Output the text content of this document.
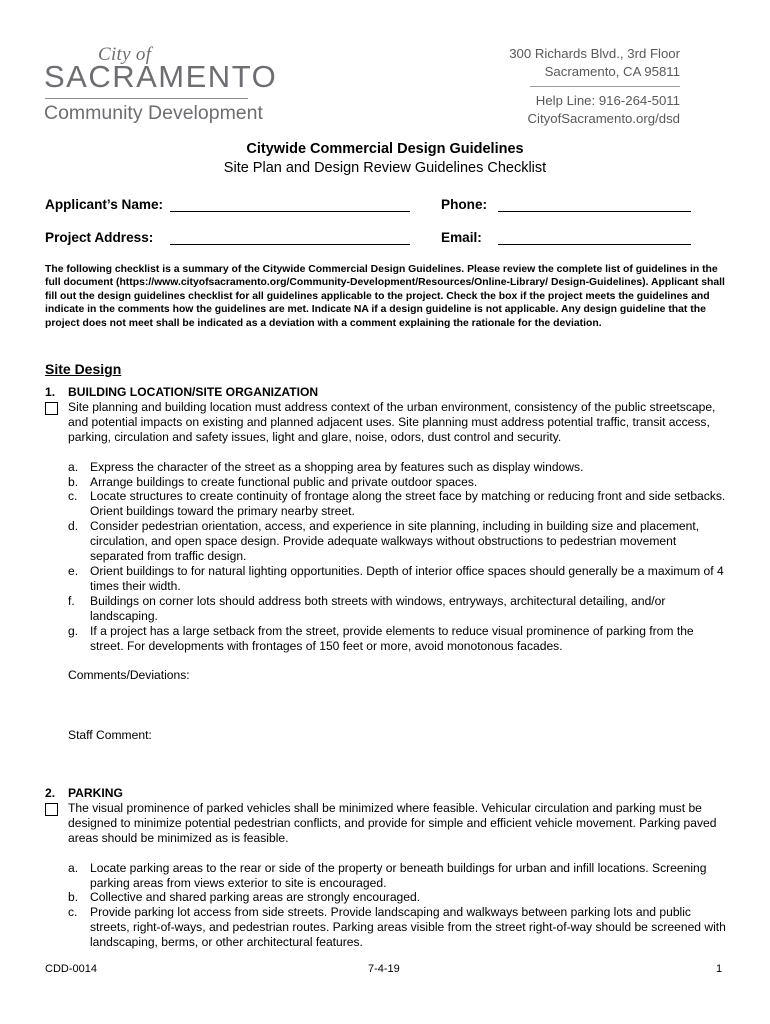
City of
SACRAMENTO
Community Development
300 Richards Blvd., 3rd Floor
Sacramento, CA 95811
Help Line: 916-264-5011
CityofSacramento.org/dsd
Citywide Commercial Design Guidelines
Site Plan and Design Review Guidelines Checklist
Applicant’s Name:	Phone:
Project Address:	Email:
The following checklist is a summary of the Citywide Commercial Design Guidelines. Please review the complete list of guidelines in the full document (https://www.cityofsacramento.org/Community-Development/Resources/Online-Library/ Design-Guidelines). Applicant shall fill out the design guidelines checklist for all guidelines applicable to the project. Check the box if the project meets the guidelines and indicate in the comments how the guidelines are met. Indicate NA if a design guideline is not applicable. Any design guideline that the project does not meet shall be indicated as a deviation with a comment explaining the rationale for the deviation.
Site Design
1. BUILDING LOCATION/SITE ORGANIZATION
Site planning and building location must address context of the urban environment, consistency of the public streetscape, and potential impacts on existing and planned adjacent uses. Site planning must address potential traffic, transit access, parking, circulation and safety issues, light and glare, noise, odors, dust control and security.
a. Express the character of the street as a shopping area by features such as display windows.
b. Arrange buildings to create functional public and private outdoor spaces.
c. Locate structures to create continuity of frontage along the street face by matching or reducing front and side setbacks. Orient buildings toward the primary nearby street.
d. Consider pedestrian orientation, access, and experience in site planning, including in building size and placement, circulation, and open space design. Provide adequate walkways without obstructions to pedestrian movement separated from traffic design.
e. Orient buildings to for natural lighting opportunities. Depth of interior office spaces should generally be a maximum of 4 times their width.
f. Buildings on corner lots should address both streets with windows, entryways, architectural detailing, and/or landscaping.
g. If a project has a large setback from the street, provide elements to reduce visual prominence of parking from the street. For developments with frontages of 150 feet or more, avoid monotonous facades.
Comments/Deviations:
Staff Comment:
2. PARKING
The visual prominence of parked vehicles shall be minimized where feasible. Vehicular circulation and parking must be designed to minimize potential pedestrian conflicts, and provide for simple and efficient vehicle movement. Parking paved areas should be minimized as is feasible.
a. Locate parking areas to the rear or side of the property or beneath buildings for urban and infill locations. Screening parking areas from views exterior to site is encouraged.
b. Collective and shared parking areas are strongly encouraged.
c. Provide parking lot access from side streets. Provide landscaping and walkways between parking lots and public streets, right-of-ways, and pedestrian routes. Parking areas visible from the street right-of-way should be screened with landscaping, berms, or other architectural features.
CDD-0014	7-4-19	1
